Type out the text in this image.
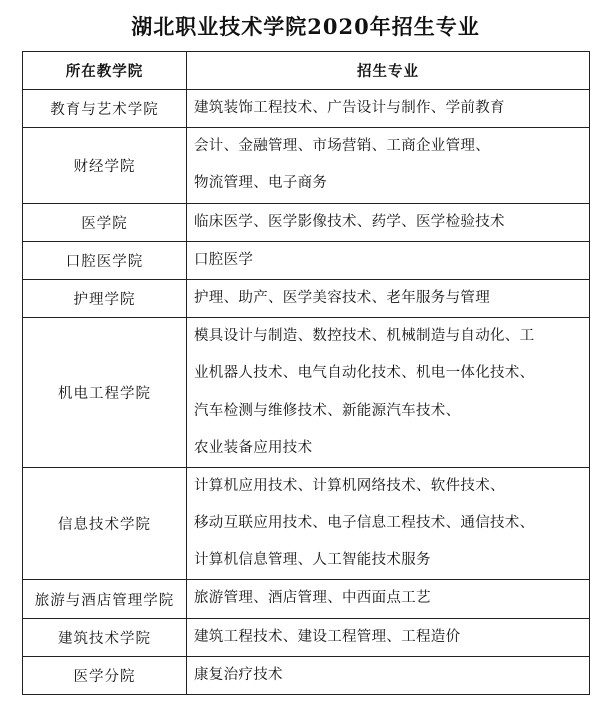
湖北职业技术学院2020年招生专业
所在教学院	招生专业
教育与艺术学院	建筑装饰工程技术、广告设计与制作、学前教育

财经学院	会计、金融管理、市场营销、工商企业管理、
物流管理、电子商务

医学院	临床医学、医学影像技术、药学、医学检验技术

口腔医学院	口腔医学

护理学院	护理、助产、医学美容技术、老年服务与管理

机电工程学院	模具设计与制造、数控技术、机械制造与自动化、工
业机器人技术、电气自动化技术、机电一体化技术、
汽车检测与维修技术、新能源汽车技术、
农业装备应用技术

信息技术学院	计算机应用技术、计算机网络技术、软件技术、
移动互联应用技术、电子信息工程技术、通信技术、
计算机信息管理、人工智能技术服务

旅游与酒店管理学院	旅游管理、酒店管理、中西面点工艺

建筑技术学院	建筑工程技术、建设工程管理、工程造价

医学分院	康复治疗技术
